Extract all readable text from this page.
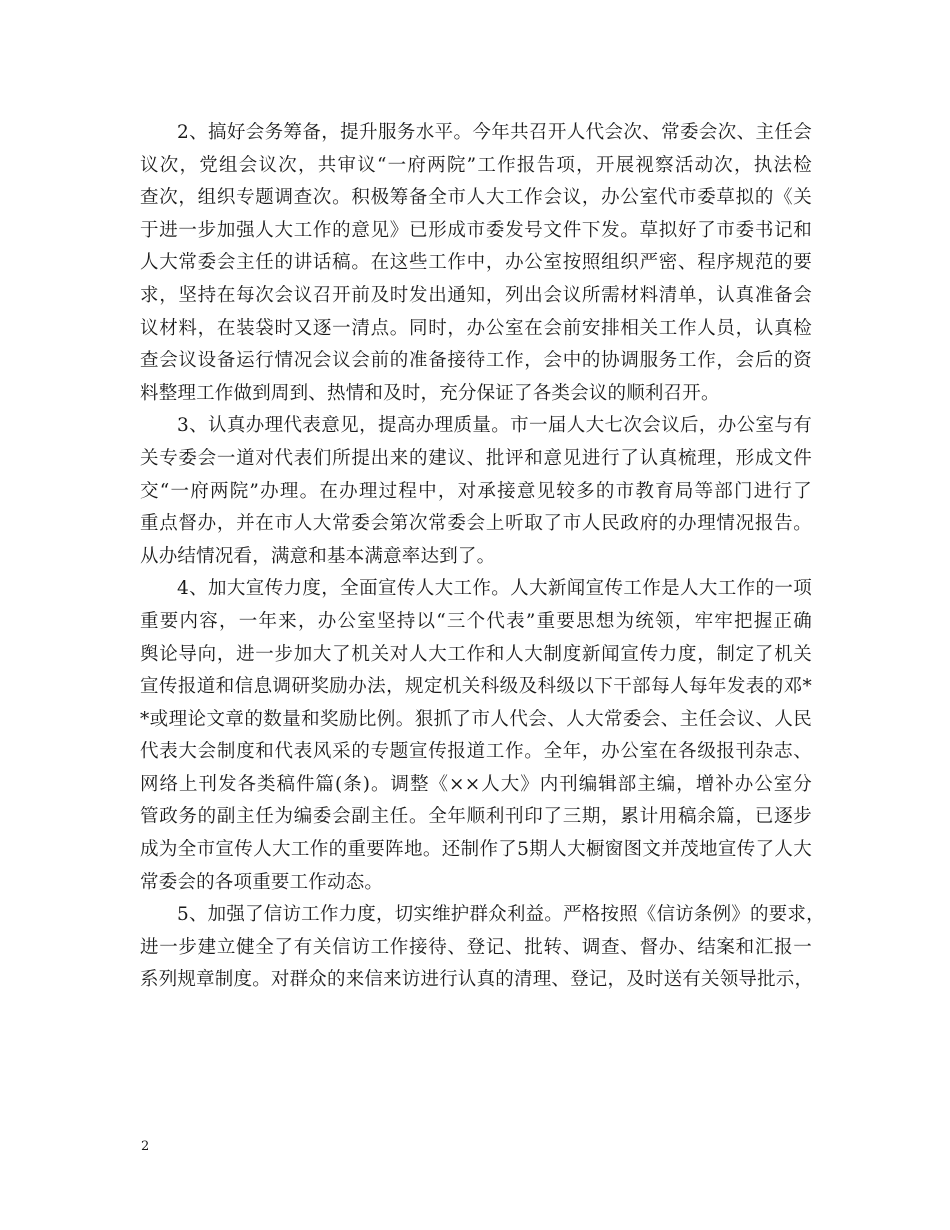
2、搞好会务筹备，提升服务水平。今年共召开人代会次、常委会次、主任会
议次，党组会议次，共审议“一府两院”工作报告项，开展视察活动次，执法检
查次，组织专题调查次。积极筹备全市人大工作会议，办公室代市委草拟的《关
于进一步加强人大工作的意见》已形成市委发号文件下发。草拟好了市委书记和
人大常委会主任的讲话稿。在这些工作中，办公室按照组织严密、程序规范的要
求，坚持在每次会议召开前及时发出通知，列出会议所需材料清单，认真准备会
议材料，在装袋时又逐一清点。同时，办公室在会前安排相关工作人员，认真检
查会议设备运行情况会议会前的准备接待工作，会中的协调服务工作，会后的资
料整理工作做到周到、热情和及时，充分保证了各类会议的顺利召开。
3、认真办理代表意见，提高办理质量。市一届人大七次会议后，办公室与有
关专委会一道对代表们所提出来的建议、批评和意见进行了认真梳理，形成文件
交“一府两院”办理。在办理过程中，对承接意见较多的市教育局等部门进行了
重点督办，并在市人大常委会第次常委会上听取了市人民政府的办理情况报告。
从办结情况看，满意和基本满意率达到了。
4、加大宣传力度，全面宣传人大工作。人大新闻宣传工作是人大工作的一项
重要内容，一年来，办公室坚持以“三个代表”重要思想为统领，牢牢把握正确
舆论导向，进一步加大了机关对人大工作和人大制度新闻宣传力度，制定了机关
宣传报道和信息调研奖励办法，规定机关科级及科级以下干部每人每年发表的邓*
*或理论文章的数量和奖励比例。狠抓了市人代会、人大常委会、主任会议、人民
代表大会制度和代表风采的专题宣传报道工作。全年，办公室在各级报刊杂志、
网络上刊发各类稿件篇(条)。调整《××人大》内刊编辑部主编，增补办公室分
管政务的副主任为编委会副主任。全年顺利刊印了三期，累计用稿余篇，已逐步
成为全市宣传人大工作的重要阵地。还制作了5期人大橱窗图文并茂地宣传了人大
常委会的各项重要工作动态。
5、加强了信访工作力度，切实维护群众利益。严格按照《信访条例》的要求，
进一步建立健全了有关信访工作接待、登记、批转、调查、督办、结案和汇报一
系列规章制度。对群众的来信来访进行认真的清理、登记，及时送有关领导批示，
2
